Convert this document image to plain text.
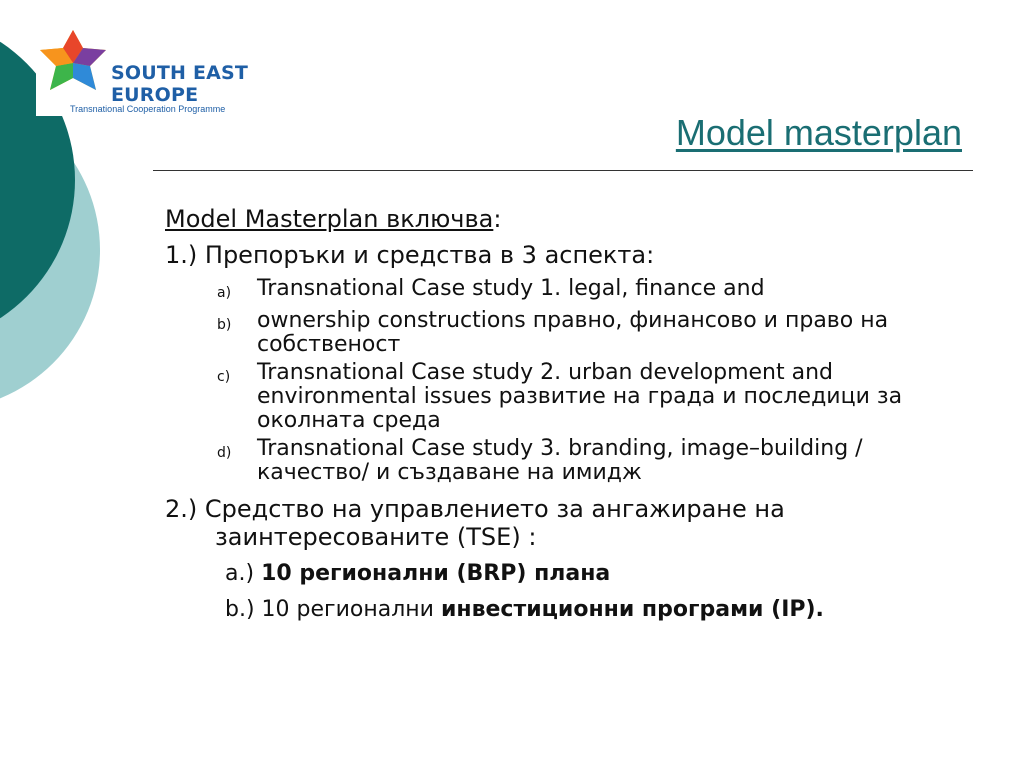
SOUTH EAST
EUROPE
Transnational Cooperation Programme
Model masterplan

Model Masterplan включва:

1.) Препоръки и средства в 3 аспекта:

a)	Transnational Case study 1. legal, finance and
b)	ownership constructions правно, финансово и право на собственост
c)	Transnational Case study 2. urban development and environmental issues развитие на града и последици за околната среда
d)	Transnational Case study 3. branding, image–building /качество/ и създаване на имидж

2.) Средство на управлението за ангажиране на заинтересованите (TSE) :

a.) 10 регионални (BRP) плана
b.) 10 регионални инвестиционни програми (IP).
